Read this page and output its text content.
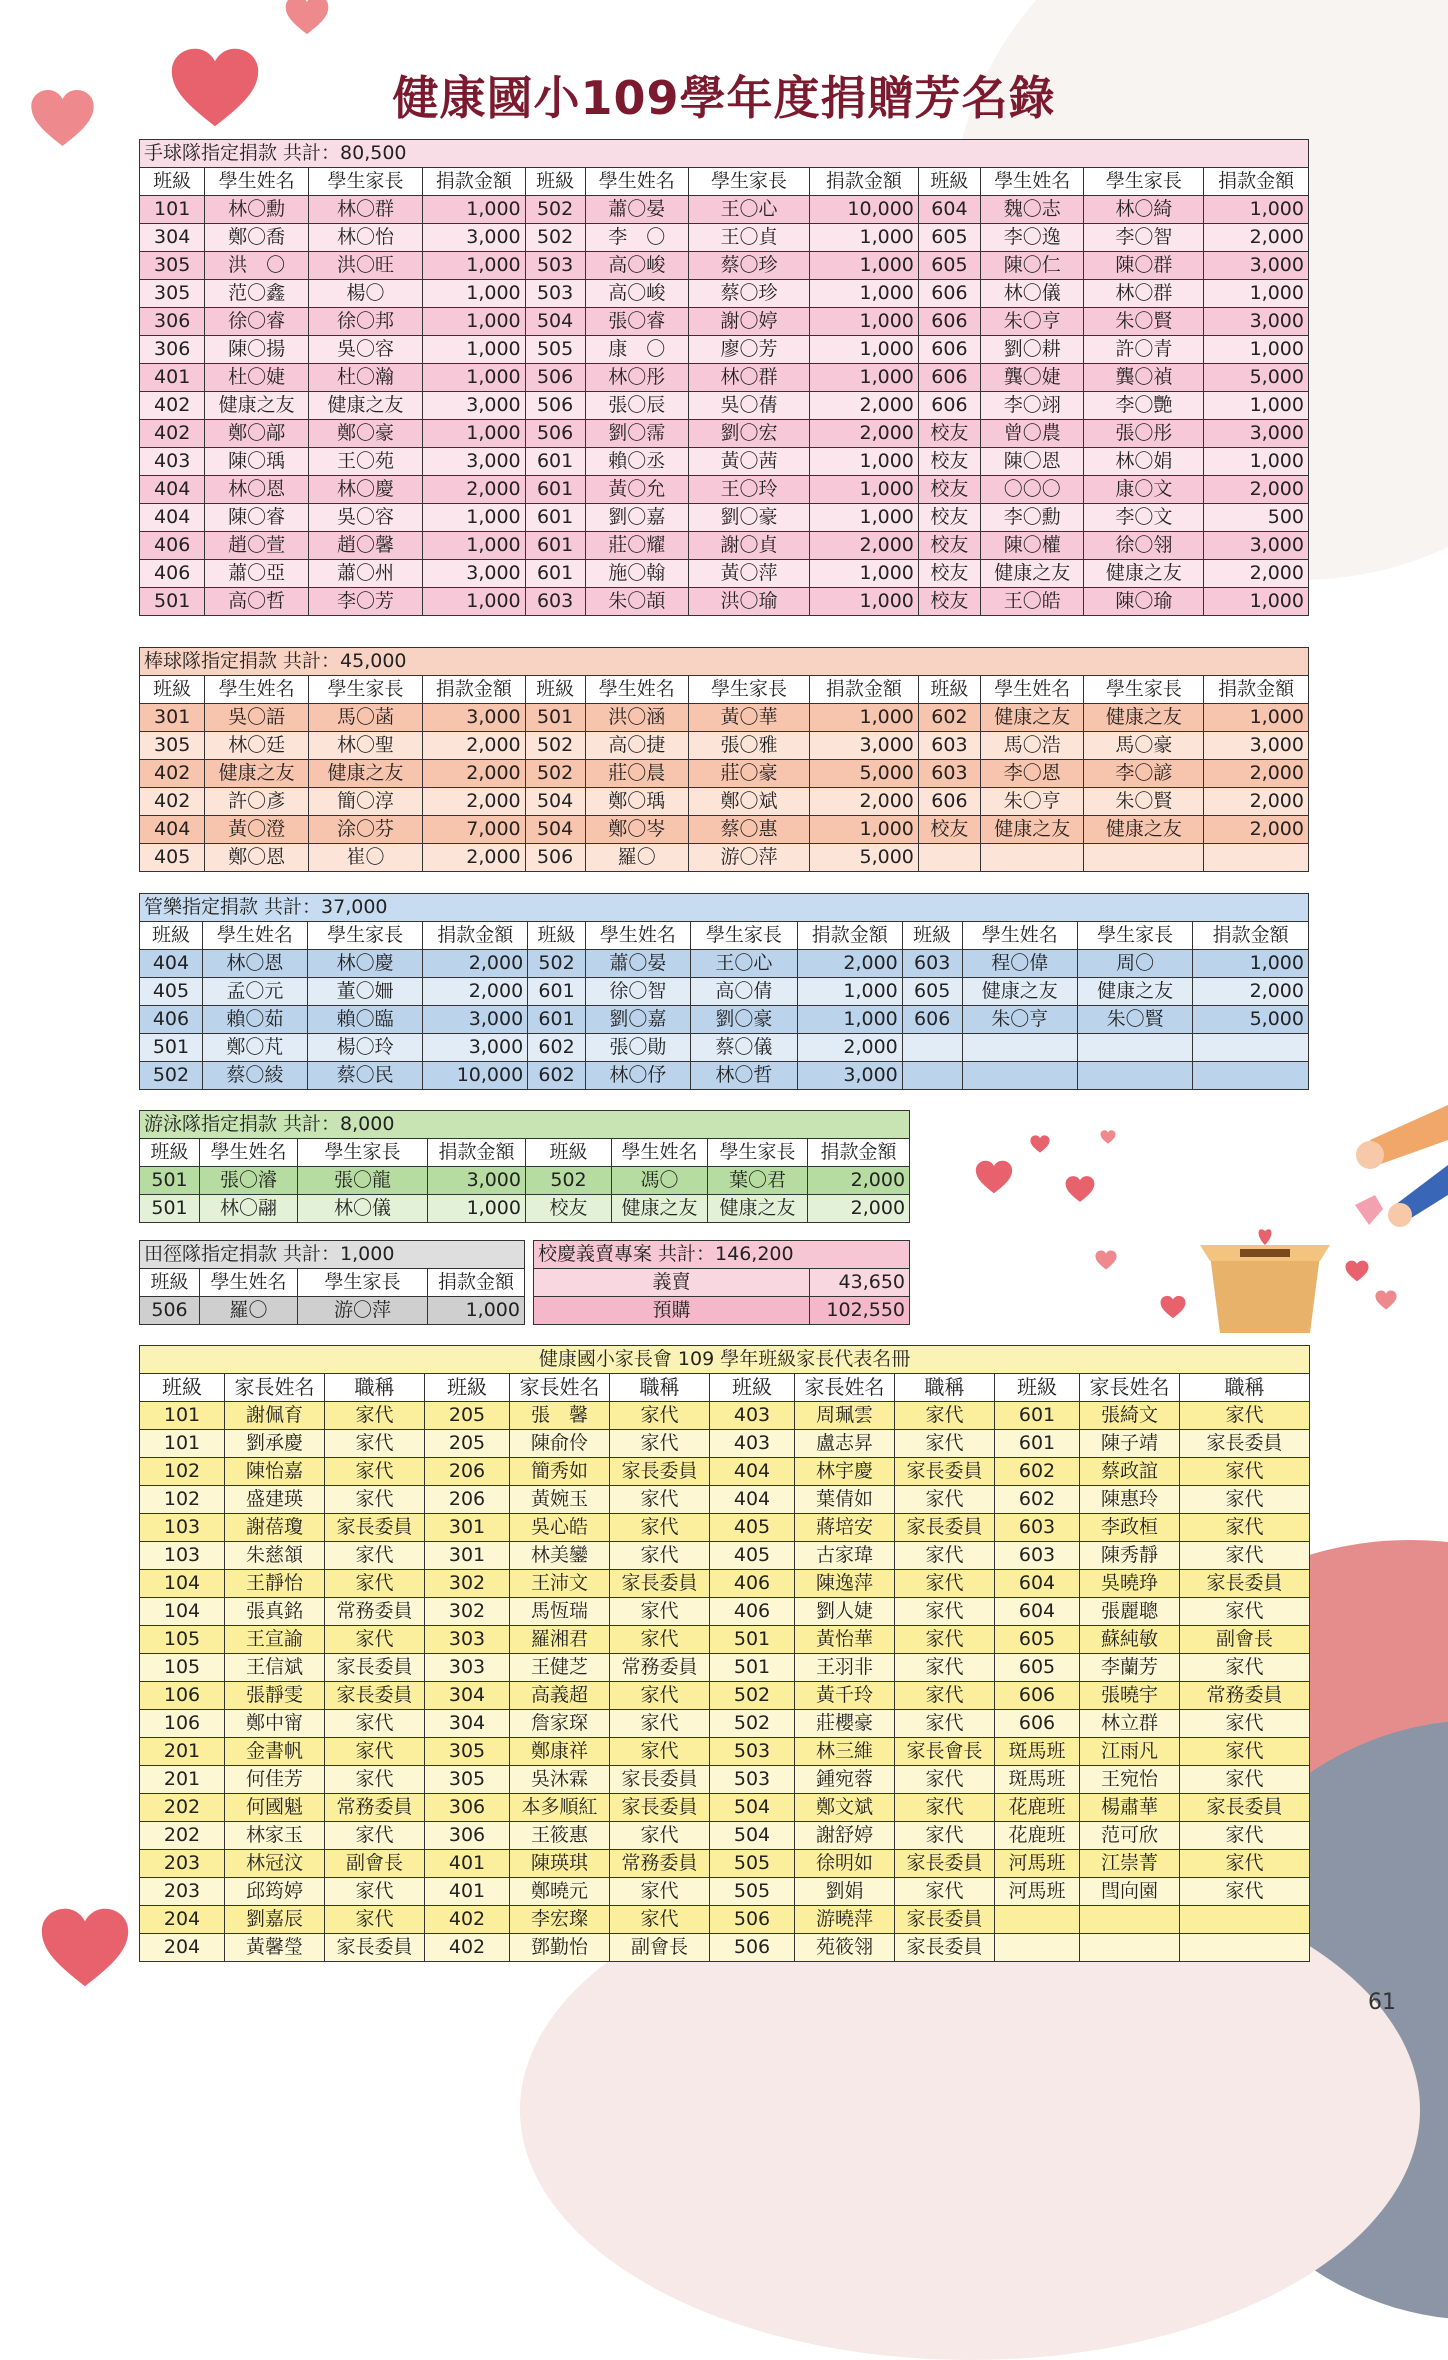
健康國小109學年度捐贈芳名錄
手球隊指定捐款 共計：80,500											
班級	學生姓名	學生家長	捐款金額	班級	學生姓名	學生家長	捐款金額	班級	學生姓名	學生家長	捐款金額
101	林〇勳	林〇群	1,000	502	蕭〇晏	王〇心	10,000	604	魏〇志	林〇綺	1,000
304	鄭〇喬	林〇怡	3,000	502	李　〇	王〇貞	1,000	605	李〇逸	李〇智	2,000
305	洪　〇	洪〇旺	1,000	503	高〇峻	蔡〇珍	1,000	605	陳〇仁	陳〇群	3,000
305	范〇鑫	楊〇	1,000	503	高〇峻	蔡〇珍	1,000	606	林〇儀	林〇群	1,000
306	徐〇睿	徐〇邦	1,000	504	張〇睿	謝〇婷	1,000	606	朱〇亨	朱〇賢	3,000
306	陳〇揚	吳〇容	1,000	505	康　〇	廖〇芳	1,000	606	劉〇耕	許〇青	1,000
401	杜〇婕	杜〇瀚	1,000	506	林〇彤	林〇群	1,000	606	龔〇婕	龔〇禎	5,000
402	健康之友	健康之友	3,000	506	張〇辰	吳〇蒨	2,000	606	李〇翊	李〇艷	1,000
402	鄭〇鄗	鄭〇豪	1,000	506	劉〇霈	劉〇宏	2,000	校友	曾〇農	張〇彤	3,000
403	陳〇瑀	王〇苑	3,000	601	賴〇丞	黃〇茜	1,000	校友	陳〇恩	林〇娟	1,000
404	林〇恩	林〇慶	2,000	601	黃〇允	王〇玲	1,000	校友	〇〇〇	康〇文	2,000
404	陳〇睿	吳〇容	1,000	601	劉〇嘉	劉〇豪	1,000	校友	李〇勳	李〇文	500
406	趙〇萱	趙〇馨	1,000	601	莊〇耀	謝〇貞	2,000	校友	陳〇權	徐〇翎	3,000
406	蕭〇亞	蕭〇州	3,000	601	施〇翰	黃〇萍	1,000	校友	健康之友	健康之友	2,000
501	高〇哲	李〇芳	1,000	603	朱〇頡	洪〇瑜	1,000	校友	王〇皓	陳〇瑜	1,000
棒球隊指定捐款 共計：45,000											
班級	學生姓名	學生家長	捐款金額	班級	學生姓名	學生家長	捐款金額	班級	學生姓名	學生家長	捐款金額
301	吳〇語	馬〇菡	3,000	501	洪〇涵	黃〇華	1,000	602	健康之友	健康之友	1,000
305	林〇廷	林〇聖	2,000	502	高〇捷	張〇雅	3,000	603	馬〇浩	馬〇豪	3,000
402	健康之友	健康之友	2,000	502	莊〇晨	莊〇豪	5,000	603	李〇恩	李〇諺	2,000
402	許〇彥	簡〇淳	2,000	504	鄭〇瑀	鄭〇斌	2,000	606	朱〇亨	朱〇賢	2,000
404	黃〇澄	涂〇芬	7,000	504	鄭〇岑	蔡〇惠	1,000	校友	健康之友	健康之友	2,000
405	鄭〇恩	崔〇	2,000	506	羅〇	游〇萍	5,000				
管樂指定捐款 共計：37,000											
班級	學生姓名	學生家長	捐款金額	班級	學生姓名	學生家長	捐款金額	班級	學生姓名	學生家長	捐款金額
404	林〇恩	林〇慶	2,000	502	蕭〇晏	王〇心	2,000	603	程〇偉	周〇	1,000
405	孟〇元	董〇姍	2,000	601	徐〇智	高〇倩	1,000	605	健康之友	健康之友	2,000
406	賴〇茹	賴〇臨	3,000	601	劉〇嘉	劉〇豪	1,000	606	朱〇亨	朱〇賢	5,000
501	鄭〇芃	楊〇玲	3,000	602	張〇勛	蔡〇儀	2,000				
502	蔡〇綾	蔡〇民	10,000	602	林〇伃	林〇哲	3,000				
游泳隊指定捐款 共計：8,000							
班級	學生姓名	學生家長	捐款金額	班級	學生姓名	學生家長	捐款金額
501	張〇濬	張〇龍	3,000	502	馮〇	葉〇君	2,000
501	林〇翮	林〇儀	1,000	校友	健康之友	健康之友	2,000
田徑隊指定捐款 共計：1,000			
班級	學生姓名	學生家長	捐款金額
506	羅〇	游〇萍	1,000
校慶義賣專案 共計：146,200	
義賣	43,650
預購	102,550
健康國小家長會 109 學年班級家長代表名冊											
班級	家長姓名	職稱	班級	家長姓名	職稱	班級	家長姓名	職稱	班級	家長姓名	職稱
101	謝佩育	家代	205	張　馨	家代	403	周珮雲	家代	601	張綺文	家代
101	劉承慶	家代	205	陳俞伶	家代	403	盧志昇	家代	601	陳子靖	家長委員
102	陳怡嘉	家代	206	簡秀如	家長委員	404	林宇慶	家長委員	602	蔡政誼	家代
102	盛建瑛	家代	206	黃婉玉	家代	404	葉倩如	家代	602	陳惠玲	家代
103	謝蓓瓊	家長委員	301	吳心皓	家代	405	蔣培安	家長委員	603	李政桓	家代
103	朱慈頷	家代	301	林美鑾	家代	405	古家瑋	家代	603	陳秀靜	家代
104	王靜怡	家代	302	王沛文	家長委員	406	陳逸萍	家代	604	吳曉琤	家長委員
104	張真銘	常務委員	302	馬恆瑞	家代	406	劉人婕	家代	604	張麗聰	家代
105	王宣諭	家代	303	羅湘君	家代	501	黃怡華	家代	605	蘇純敏	副會長
105	王信斌	家長委員	303	王健芝	常務委員	501	王羽非	家代	605	李蘭芳	家代
106	張靜雯	家長委員	304	高義超	家代	502	黃千玲	家代	606	張曉宇	常務委員
106	鄭中甯	家代	304	詹家琛	家代	502	莊櫻豪	家代	606	林立群	家代
201	金書帆	家代	305	鄭康祥	家代	503	林三維	家長會長	斑馬班	江雨凡	家代
201	何佳芳	家代	305	吳沐霖	家長委員	503	鍾宛蓉	家代	斑馬班	王宛怡	家代
202	何國魁	常務委員	306	本多順紅	家長委員	504	鄭文斌	家代	花鹿班	楊肅華	家長委員
202	林家玉	家代	306	王筱惠	家代	504	謝舒婷	家代	花鹿班	范可欣	家代
203	林冠汶	副會長	401	陳瑛琪	常務委員	505	徐明如	家長委員	河馬班	江崇菁	家代
203	邱筠婷	家代	401	鄭曉元	家代	505	劉娟	家代	河馬班	閆向園	家代
204	劉嘉辰	家代	402	李宏璨	家代	506	游曉萍	家長委員			
204	黃馨瑩	家長委員	402	鄧勤怡	副會長	506	苑筱翎	家長委員			
61
